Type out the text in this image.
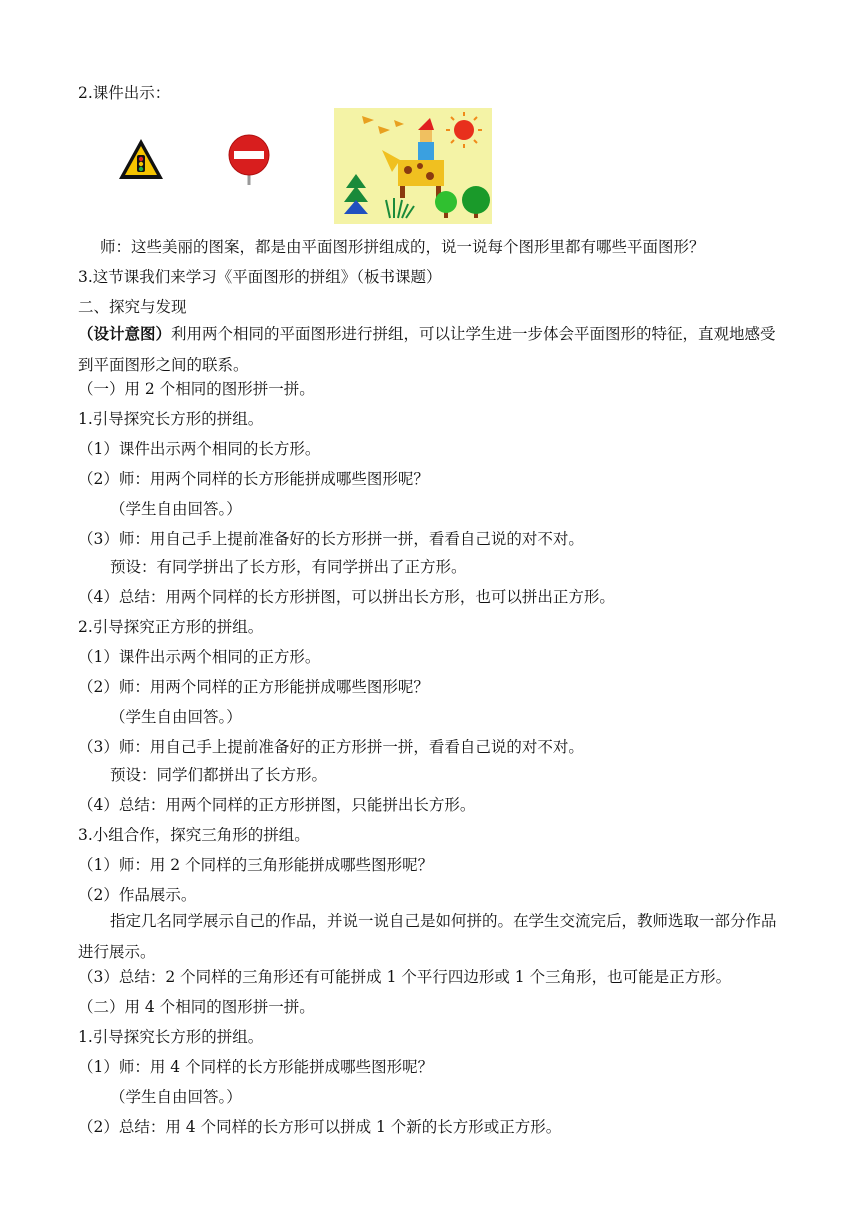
2.课件出示：
师：这些美丽的图案，都是由平面图形拼组成的，说一说每个图形里都有哪些平面图形？
3.这节课我们来学习《平面图形的拼组》（板书课题）
二、探究与发现
（设计意图）利用两个相同的平面图形进行拼组，可以让学生进一步体会平面图形的特征，直观地感受到平面图形之间的联系。
（一）用 2 个相同的图形拼一拼。
1.引导探究长方形的拼组。
（1）课件出示两个相同的长方形。
（2）师：用两个同样的长方形能拼成哪些图形呢？
（学生自由回答。）
（3）师：用自己手上提前准备好的长方形拼一拼，看看自己说的对不对。
预设：有同学拼出了长方形，有同学拼出了正方形。
（4）总结：用两个同样的长方形拼图，可以拼出长方形，也可以拼出正方形。
2.引导探究正方形的拼组。
（1）课件出示两个相同的正方形。
（2）师：用两个同样的正方形能拼成哪些图形呢？
（学生自由回答。）
（3）师：用自己手上提前准备好的正方形拼一拼，看看自己说的对不对。
预设：同学们都拼出了长方形。
（4）总结：用两个同样的正方形拼图，只能拼出长方形。
3.小组合作，探究三角形的拼组。
（1）师：用 2 个同样的三角形能拼成哪些图形呢？
（2）作品展示。
指定几名同学展示自己的作品，并说一说自己是如何拼的。在学生交流完后，教师选取一部分作品进行展示。
（3）总结：2 个同样的三角形还有可能拼成 1 个平行四边形或 1 个三角形，也可能是正方形。
（二）用 4 个相同的图形拼一拼。
1.引导探究长方形的拼组。
（1）师：用 4 个同样的长方形能拼成哪些图形呢？
（学生自由回答。）
（2）总结：用 4 个同样的长方形可以拼成 1 个新的长方形或正方形。
